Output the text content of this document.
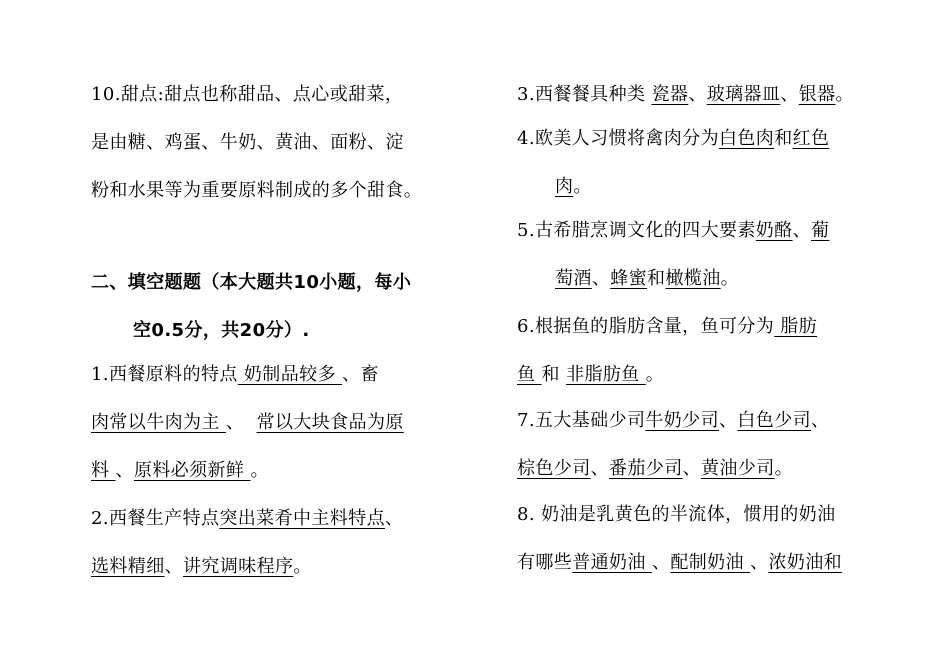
10.甜点:甜点也称甜品、点心或甜菜，
是由糖、鸡蛋、牛奶、黄油、面粉、淀
粉和水果等为重要原料制成的多个甜食。
二、填空题题（本大题共10小题，每小
空0.5分，共20分）.
1.西餐原料的特点 奶制品较多 、畜
肉常以牛肉为主 、 常以大块食品为原
料 、原料必须新鲜 。
2.西餐生产特点突出菜肴中主料特点、
选料精细、讲究调味程序。
3.西餐餐具种类 瓷器、玻璃器皿、银器。
4.欧美人习惯将禽肉分为白色肉和红色
肉。
5.古希腊烹调文化的四大要素奶酪、葡
萄酒、蜂蜜和橄榄油。
6.根据鱼的脂肪含量，鱼可分为 脂肪
鱼 和 非脂肪鱼 。
7.五大基础少司牛奶少司、白色少司、
棕色少司、番茄少司、黄油少司。
8. 奶油是乳黄色的半流体，惯用的奶油
有哪些普通奶油 、配制奶油 、浓奶油和
